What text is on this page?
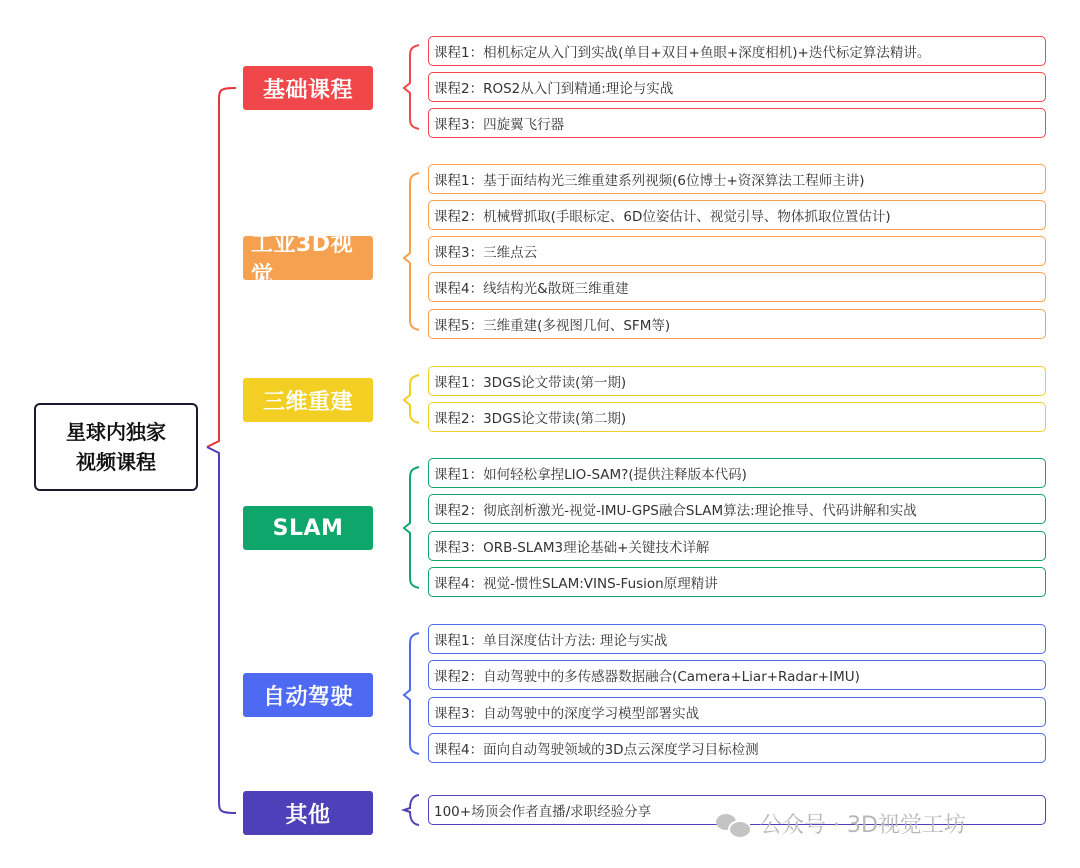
星球内独家
视频课程
基础课程
课程1：相机标定从入门到实战(单目+双目+鱼眼+深度相机)+迭代标定算法精讲。
课程2：ROS2从入门到精通:理论与实战
课程3：四旋翼飞行器
工业3D视觉
课程1：基于面结构光三维重建系列视频(6位博士+资深算法工程师主讲)
课程2：机械臂抓取(手眼标定、6D位姿估计、视觉引导、物体抓取位置估计)
课程3：三维点云
课程4：线结构光&散斑三维重建
课程5：三维重建(多视图几何、SFM等)
三维重建
课程1：3DGS论文带读(第一期)
课程2：3DGS论文带读(第二期)
SLAM
课程1：如何轻松拿捏LIO-SAM?(提供注释版本代码)
课程2：彻底剖析激光-视觉-IMU-GPS融合SLAM算法:理论推导、代码讲解和实战
课程3：ORB-SLAM3理论基础+关键技术详解
课程4：视觉-惯性SLAM:VINS-Fusion原理精讲
自动驾驶
课程1：单目深度估计方法: 理论与实战
课程2：自动驾驶中的多传感器数据融合(Camera+Liar+Radar+IMU)
课程3：自动驾驶中的深度学习模型部署实战
课程4：面向自动驾驶领域的3D点云深度学习目标检测
其他	100+场顶会作者直播/求职经验分享
公众号 · 3D视觉工坊
